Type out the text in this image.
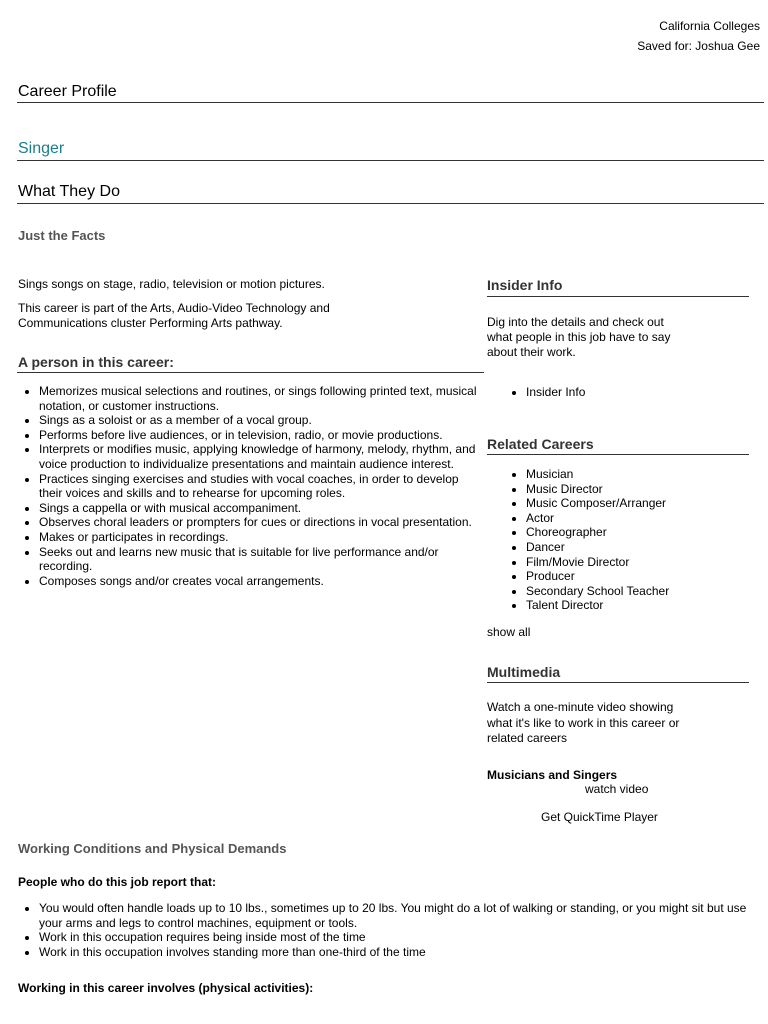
California Colleges
Saved for: Joshua Gee
Career Profile
Singer
What They Do
Just the Facts
Sings songs on stage, radio, television or motion pictures.
This career is part of the Arts, Audio-Video Technology and Communications cluster Performing Arts pathway.
A person in this career:
• Memorizes musical selections and routines, or sings following printed text, musical notation, or customer instructions.
• Sings as a soloist or as a member of a vocal group.
• Performs before live audiences, or in television, radio, or movie productions.
• Interprets or modifies music, applying knowledge of harmony, melody, rhythm, and voice production to individualize presentations and maintain audience interest.
• Practices singing exercises and studies with vocal coaches, in order to develop their voices and skills and to rehearse for upcoming roles.
• Sings a cappella or with musical accompaniment.
• Observes choral leaders or prompters for cues or directions in vocal presentation.
• Makes or participates in recordings.
• Seeks out and learns new music that is suitable for live performance and/or recording.
• Composes songs and/or creates vocal arrangements.
Insider Info
Dig into the details and check out what people in this job have to say about their work.
• Insider Info
Related Careers
• Musician
• Music Director
• Music Composer/Arranger
• Actor
• Choreographer
• Dancer
• Film/Movie Director
• Producer
• Secondary School Teacher
• Talent Director
show all
Multimedia
Watch a one-minute video showing what it's like to work in this career or related careers
Musicians and Singers
watch video
Get QuickTime Player
Working Conditions and Physical Demands
People who do this job report that:
• You would often handle loads up to 10 lbs., sometimes up to 20 lbs. You might do a lot of walking or standing, or you might sit but use your arms and legs to control machines, equipment or tools.
• Work in this occupation requires being inside most of the time
• Work in this occupation involves standing more than one-third of the time
Working in this career involves (physical activities):
